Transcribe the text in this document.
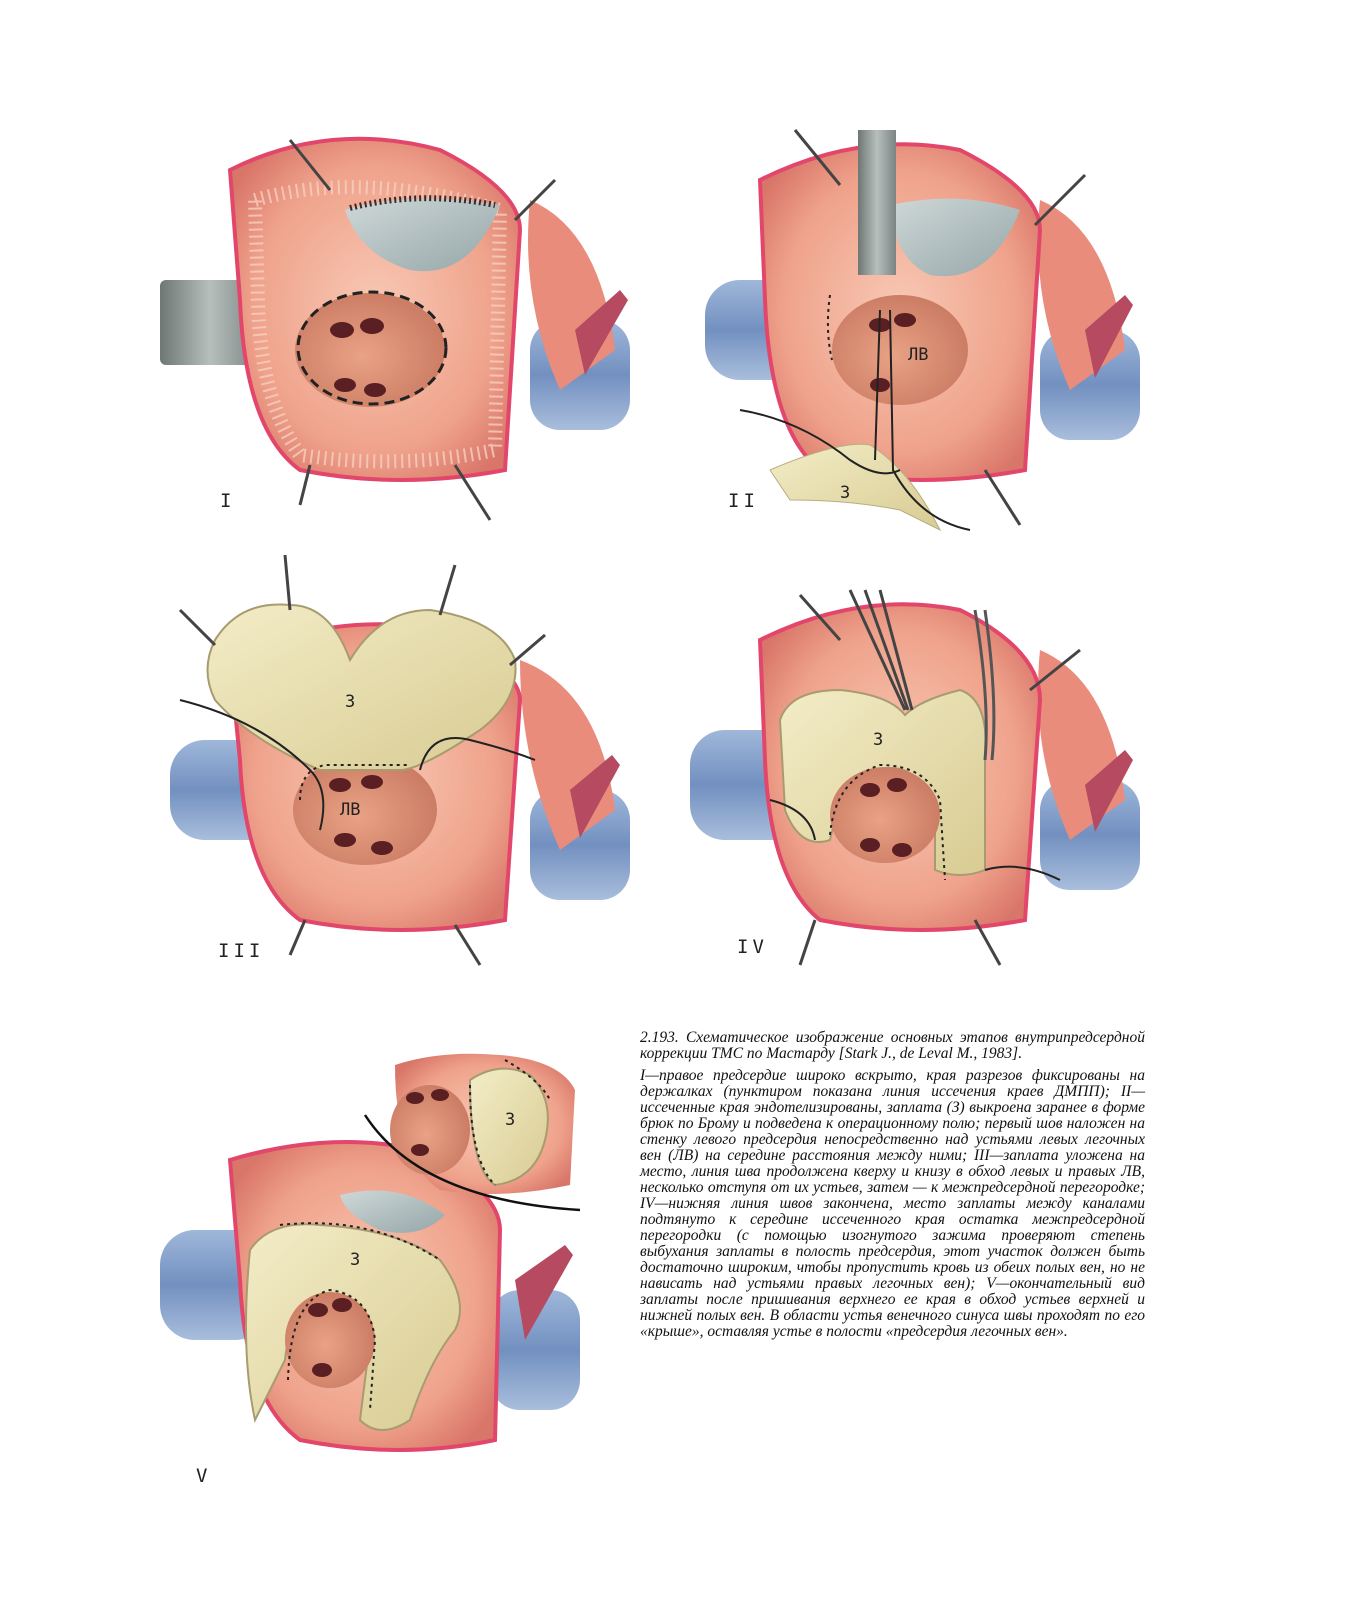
ЛВ
З
З
ЛВ
З
З
З
I	II
III	IV
V

2.193. Схематическое изображение основных этапов внутрипредсердной коррекции ТМС по Мастарду [Stark J., de Leval M., 1983].

I—правое предсердие широко вскрыто, края разрезов фиксированы на держалках (пунктиром показана линия иссечения краев ДМПП); II—иссеченные края эндотелизированы, заплата (З) выкроена заранее в форме брюк по Брому и подведена к операционному полю; первый шов наложен на стенку левого предсердия непосредственно над устьями левых легочных вен (ЛВ) на середине расстояния между ними; III—заплата уложена на место, линия шва продолжена кверху и книзу в обход левых и правых ЛВ, несколько отступя от их устьев, затем — к межпредсердной перегородке; IV—нижняя линия швов закончена, место заплаты между каналами подтянуто к середине иссеченного края остатка межпредсердной перегородки (с помощью изогнутого зажима проверяют степень выбухания заплаты в полость предсердия, этот участок должен быть достаточно широким, чтобы пропустить кровь из обеих полых вен, но не нависать над устьями правых легочных вен); V—окончательный вид заплаты после пришивания верхнего ее края в обход устьев верхней и нижней полых вен. В области устья венечного синуса швы проходят по его «крыше», оставляя устье в полости «предсердия легочных вен».
